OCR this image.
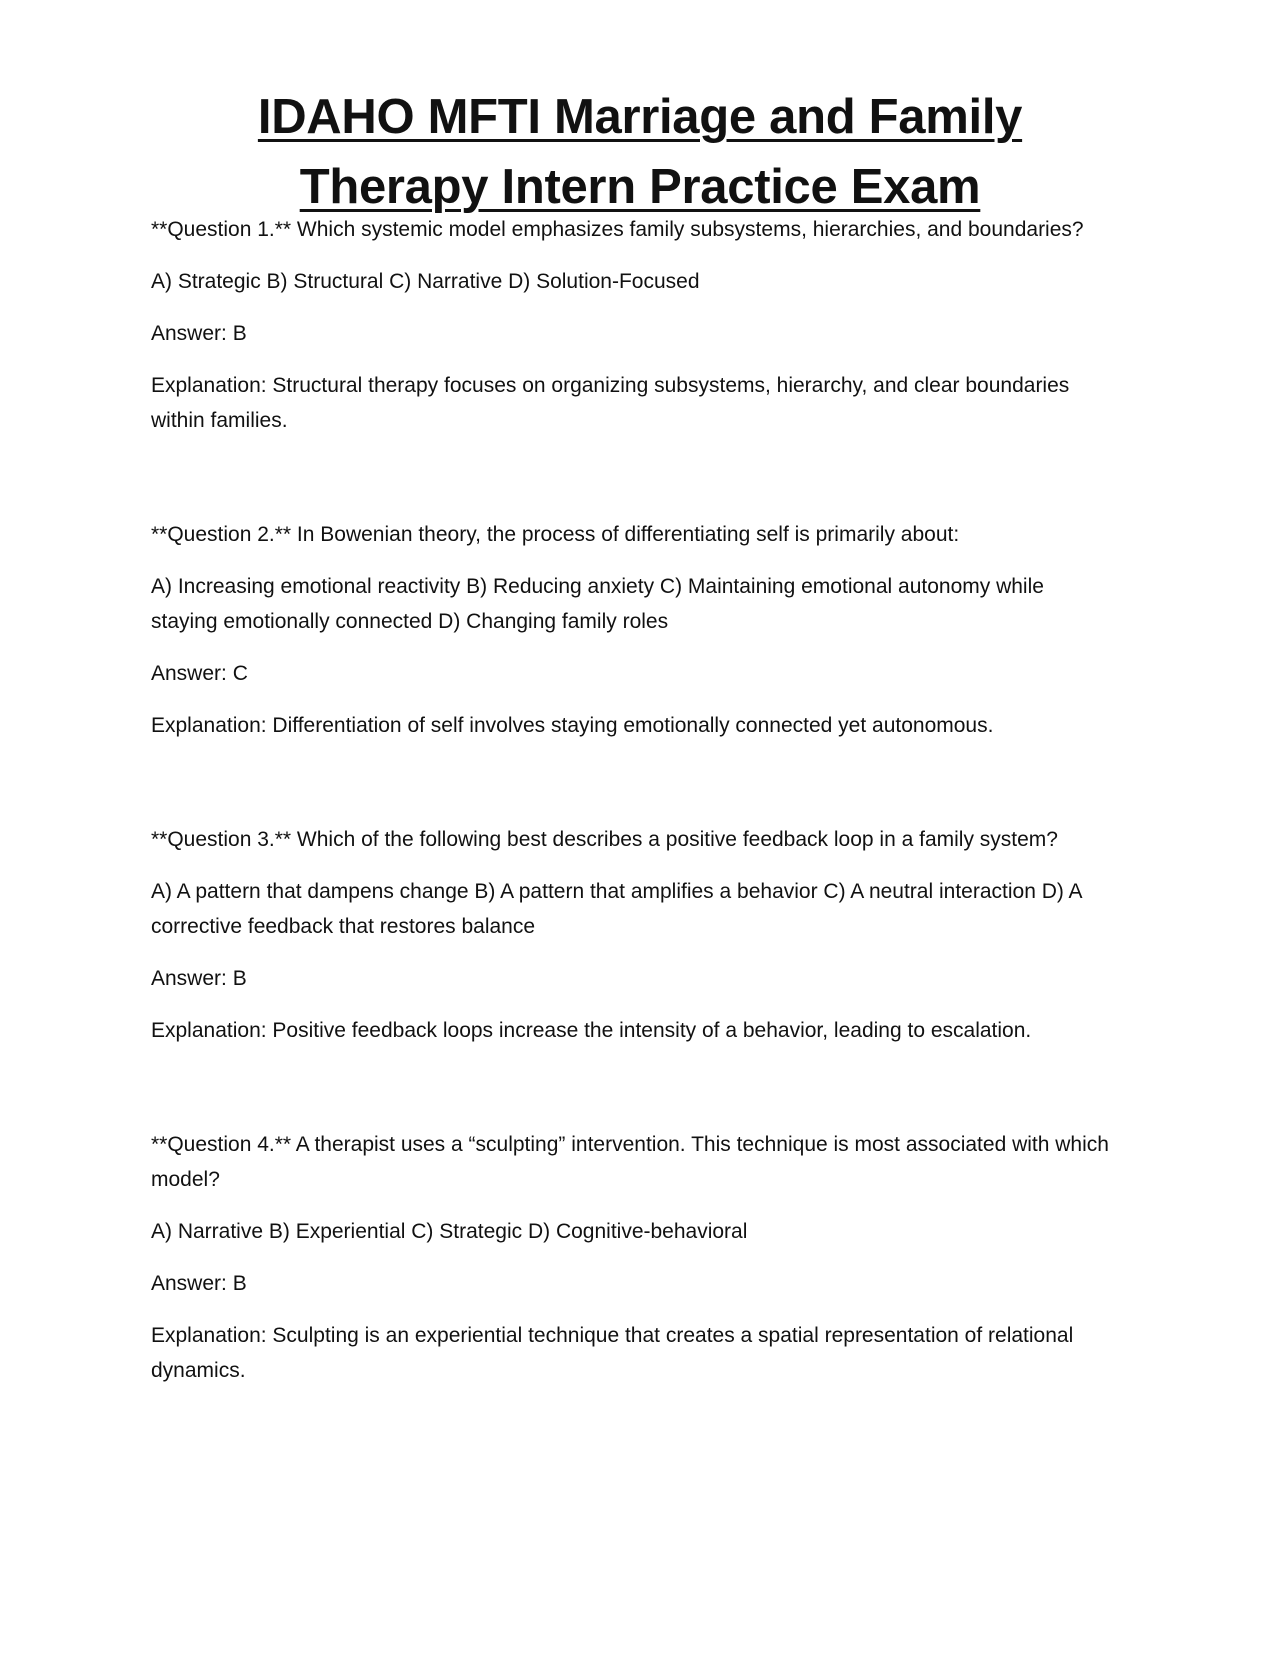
IDAHO MFTI Marriage and Family
Therapy Intern Practice Exam

**Question 1.** Which systemic model emphasizes family subsystems, hierarchies, and boundaries?

A) Strategic B) Structural C) Narrative D) Solution-Focused

Answer: B

Explanation: Structural therapy focuses on organizing subsystems, hierarchy, and clear boundaries within families.

**Question 2.** In Bowenian theory, the process of differentiating self is primarily about:

A) Increasing emotional reactivity B) Reducing anxiety C) Maintaining emotional autonomy while staying emotionally connected D) Changing family roles

Answer: C

Explanation: Differentiation of self involves staying emotionally connected yet autonomous.

**Question 3.** Which of the following best describes a positive feedback loop in a family system?

A) A pattern that dampens change B) A pattern that amplifies a behavior C) A neutral interaction D) A corrective feedback that restores balance

Answer: B

Explanation: Positive feedback loops increase the intensity of a behavior, leading to escalation.

**Question 4.** A therapist uses a “sculpting” intervention. This technique is most associated with which model?

A) Narrative B) Experiential C) Strategic D) Cognitive-behavioral

Answer: B

Explanation: Sculpting is an experiential technique that creates a spatial representation of relational dynamics.
